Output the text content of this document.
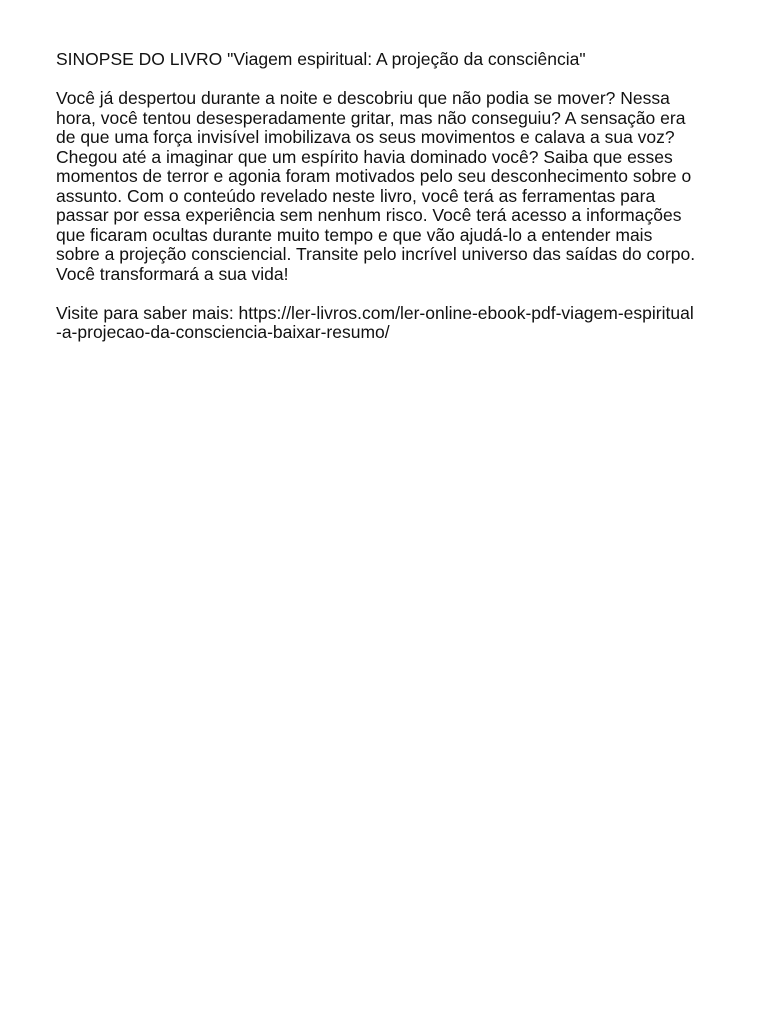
SINOPSE DO LIVRO "Viagem espiritual: A projeção da consciência"

Você já despertou durante a noite e descobriu que não podia se mover? Nessa
hora, você tentou desesperadamente gritar, mas não conseguiu? A sensação era
de que uma força invisível imobilizava os seus movimentos e calava a sua voz?
Chegou até a imaginar que um espírito havia dominado você? Saiba que esses
momentos de terror e agonia foram motivados pelo seu desconhecimento sobre o
assunto. Com o conteúdo revelado neste livro, você terá as ferramentas para
passar por essa experiência sem nenhum risco. Você terá acesso a informações
que ficaram ocultas durante muito tempo e que vão ajudá-lo a entender mais
sobre a projeção consciencial. Transite pelo incrível universo das saídas do corpo.
Você transformará a sua vida!

Visite para saber mais: https://ler-livros.com/ler-online-ebook-pdf-viagem-espiritual
-a-projecao-da-consciencia-baixar-resumo/
